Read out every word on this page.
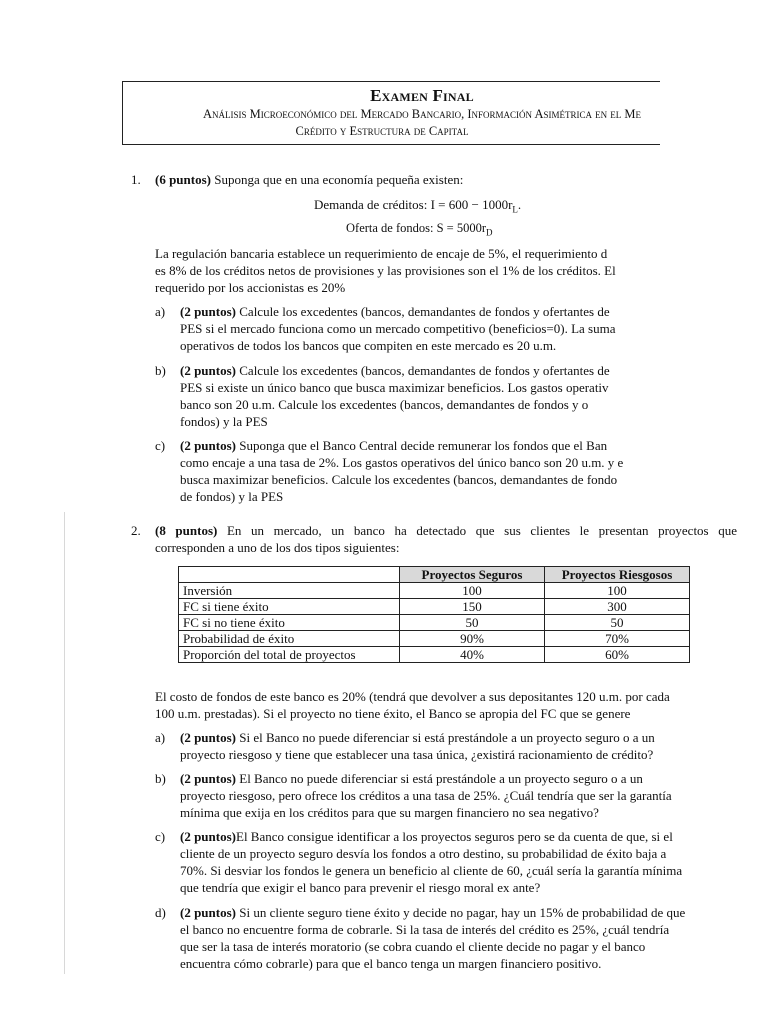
Examen Final
Análisis Microeconómico del Mercado Bancario, Información Asimétrica en el Me
Crédito y Estructura de Capital
1. (6 puntos) Suponga que en una economía pequeña existen:
Demanda de créditos: $I = 600 - 1000r_L$.
Oferta de fondos: $S = 5000r_D$
La regulación bancaria establece un requerimiento de encaje de 5%, el requerimiento d
es 8% de los créditos netos de provisiones y las provisiones son el 1% de los créditos. El
requerido por los accionistas es 20%
a) (2 puntos) Calcule los excedentes (bancos, demandantes de fondos y ofertantes de
PES si el mercado funciona como un mercado competitivo (beneficios=0). La suma
operativos de todos los bancos que compiten en este mercado es 20 u.m.
b) (2 puntos) Calcule los excedentes (bancos, demandantes de fondos y ofertantes de
PES si existe un único banco que busca maximizar beneficios. Los gastos operativ
banco son 20 u.m. Calcule los excedentes (bancos, demandantes de fondos y o
fondos) y la PES
c) (2 puntos) Suponga que el Banco Central decide remunerar los fondos que el Ban
como encaje a una tasa de 2%. Los gastos operativos del único banco son 20 u.m. y e
busca maximizar beneficios. Calcule los excedentes (bancos, demandantes de fondo
de fondos) y la PES
2. (8 puntos) En un mercado, un banco ha detectado que sus clientes le presentan proyectos que
corresponden a uno de los dos tipos siguientes:
	Proyectos Seguros	Proyectos Riesgosos
Inversión	100	100
FC si tiene éxito	150	300
FC si no tiene éxito	50	50
Probabilidad de éxito	90%	70%
Proporción del total de proyectos	40%	60%
El costo de fondos de este banco es 20% (tendrá que devolver a sus depositantes 120 u.m. por cada
100 u.m. prestadas). Si el proyecto no tiene éxito, el Banco se apropia del FC que se genere
a) (2 puntos) Si el Banco no puede diferenciar si está prestándole a un proyecto seguro o a un
proyecto riesgoso y tiene que establecer una tasa única, ¿existirá racionamiento de crédito?
b) (2 puntos) El Banco no puede diferenciar si está prestándole a un proyecto seguro o a un
proyecto riesgoso, pero ofrece los créditos a una tasa de 25%. ¿Cuál tendría que ser la garantía
mínima que exija en los créditos para que su margen financiero no sea negativo?
c) (2 puntos)El Banco consigue identificar a los proyectos seguros pero se da cuenta de que, si el
cliente de un proyecto seguro desvía los fondos a otro destino, su probabilidad de éxito baja a
70%. Si desviar los fondos le genera un beneficio al cliente de 60, ¿cuál sería la garantía mínima
que tendría que exigir el banco para prevenir el riesgo moral ex ante?
d) (2 puntos) Si un cliente seguro tiene éxito y decide no pagar, hay un 15% de probabilidad de que
el banco no encuentre forma de cobrarle. Si la tasa de interés del crédito es 25%, ¿cuál tendría
que ser la tasa de interés moratorio (se cobra cuando el cliente decide no pagar y el banco
encuentra cómo cobrarle) para que el banco tenga un margen financiero positivo.
